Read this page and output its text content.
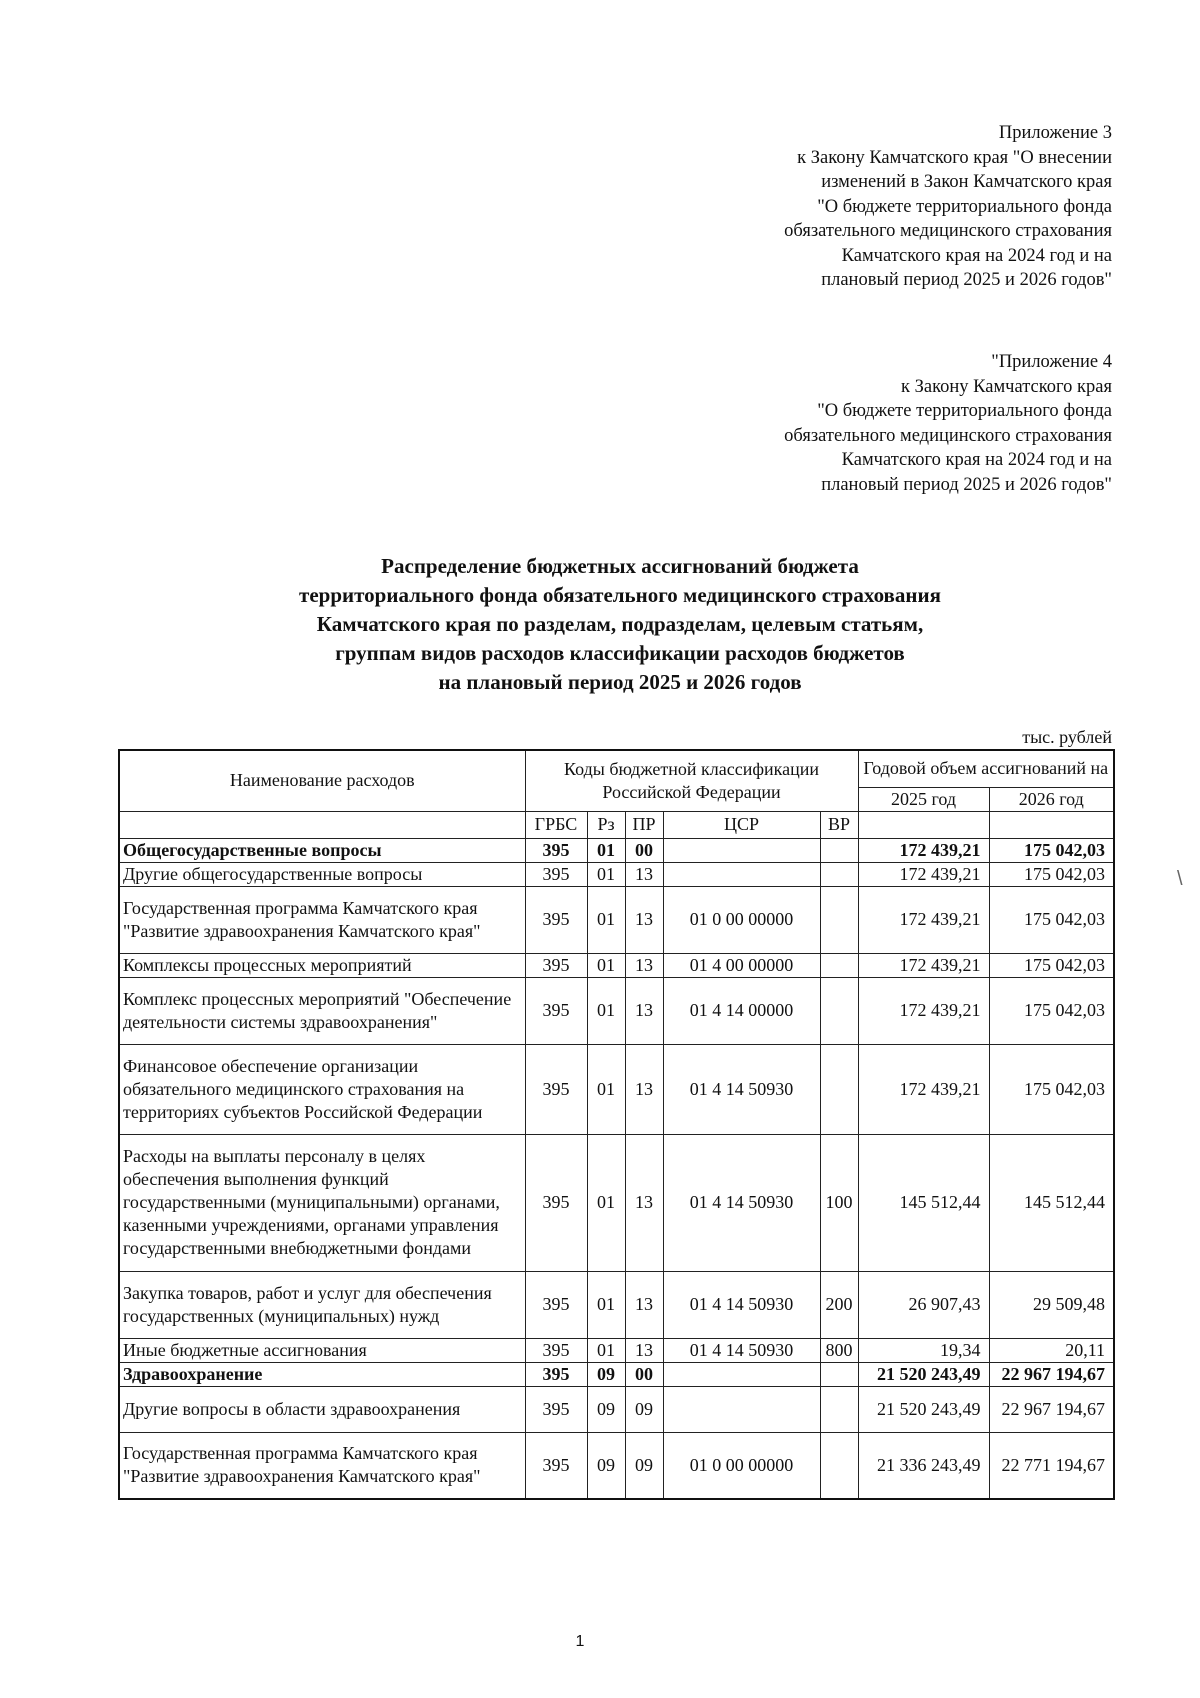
Приложение 3
к Закону Камчатского края "О внесении
изменений в Закон Камчатского края
"О бюджете территориального фонда
обязательного медицинского страхования
Камчатского края на 2024 год и на
плановый период 2025 и 2026 годов"
"Приложение 4
к Закону Камчатского края
"О бюджете территориального фонда
обязательного медицинского страхования
Камчатского края на 2024 год и на
плановый период 2025 и 2026 годов"
Распределение бюджетных ассигнований бюджета
территориального фонда обязательного медицинского страхования
Камчатского края по разделам, подразделам, целевым статьям,
группам видов расходов классификации расходов бюджетов
на плановый период 2025 и 2026 годов
тыс. рублей
Наименование расходов	Коды бюджетной классификации Российской Федерации					Годовой объем ассигнований на	
						2025 год	2026 год
	ГРБС	Рз	ПР	ЦСР	ВР		
Общегосударственные вопросы	395	01	00			172 439,21	175 042,03
Другие общегосударственные вопросы	395	01	13			172 439,21	175 042,03
Государственная программа Камчатского края "Развитие здравоохранения Камчатского края"	395	01	13	01 0 00 00000		172 439,21	175 042,03
Комплексы процессных мероприятий	395	01	13	01 4 00 00000		172 439,21	175 042,03
Комплекс процессных мероприятий "Обеспечение деятельности системы здравоохранения"	395	01	13	01 4 14 00000		172 439,21	175 042,03
Финансовое обеспечение организации обязательного медицинского страхования на территориях субъектов Российской Федерации	395	01	13	01 4 14 50930		172 439,21	175 042,03
Расходы на выплаты персоналу в целях обеспечения выполнения функций государственными (муниципальными) органами, казенными учреждениями, органами управления государственными внебюджетными фондами	395	01	13	01 4 14 50930	100	145 512,44	145 512,44
Закупка товаров, работ и услуг для обеспечения государственных (муниципальных) нужд	395	01	13	01 4 14 50930	200	26 907,43	29 509,48
Иные бюджетные ассигнования	395	01	13	01 4 14 50930	800	19,34	20,11
Здравоохранение	395	09	00			21 520 243,49	22 967 194,67
Другие вопросы в области здравоохранения	395	09	09			21 520 243,49	22 967 194,67
Государственная программа Камчатского края "Развитие здравоохранения Камчатского края"	395	09	09	01 0 00 00000		21 336 243,49	22 771 194,67
1
\
